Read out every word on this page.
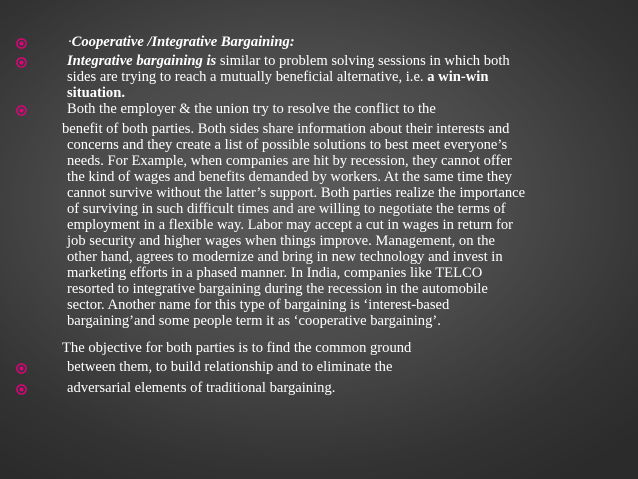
·Cooperative /Integrative Bargaining:
Integrative bargaining is similar to problem solving sessions in which both
sides are trying to reach a mutually beneficial alternative, i.e. a win-win
situation.
Both the employer & the union try to resolve the conflict to the
benefit of both parties. Both sides share information about their interests and
concerns and they create a list of possible solutions to best meet everyone’s
needs. For Example, when companies are hit by recession, they cannot offer
the kind of wages and benefits demanded by workers. At the same time they
cannot survive without the latter’s support. Both parties realize the importance
of surviving in such difficult times and are willing to negotiate the terms of
employment in a flexible way. Labor may accept a cut in wages in return for
job security and higher wages when things improve. Management, on the
other hand, agrees to modernize and bring in new technology and invest in
marketing efforts in a phased manner. In India, companies like TELCO
resorted to integrative bargaining during the recession in the automobile
sector. Another name for this type of bargaining is ‘interest-based
bargaining’and some people term it as ‘cooperative bargaining’.
The objective for both parties is to find the common ground
between them, to build relationship and to eliminate the
adversarial elements of traditional bargaining.
